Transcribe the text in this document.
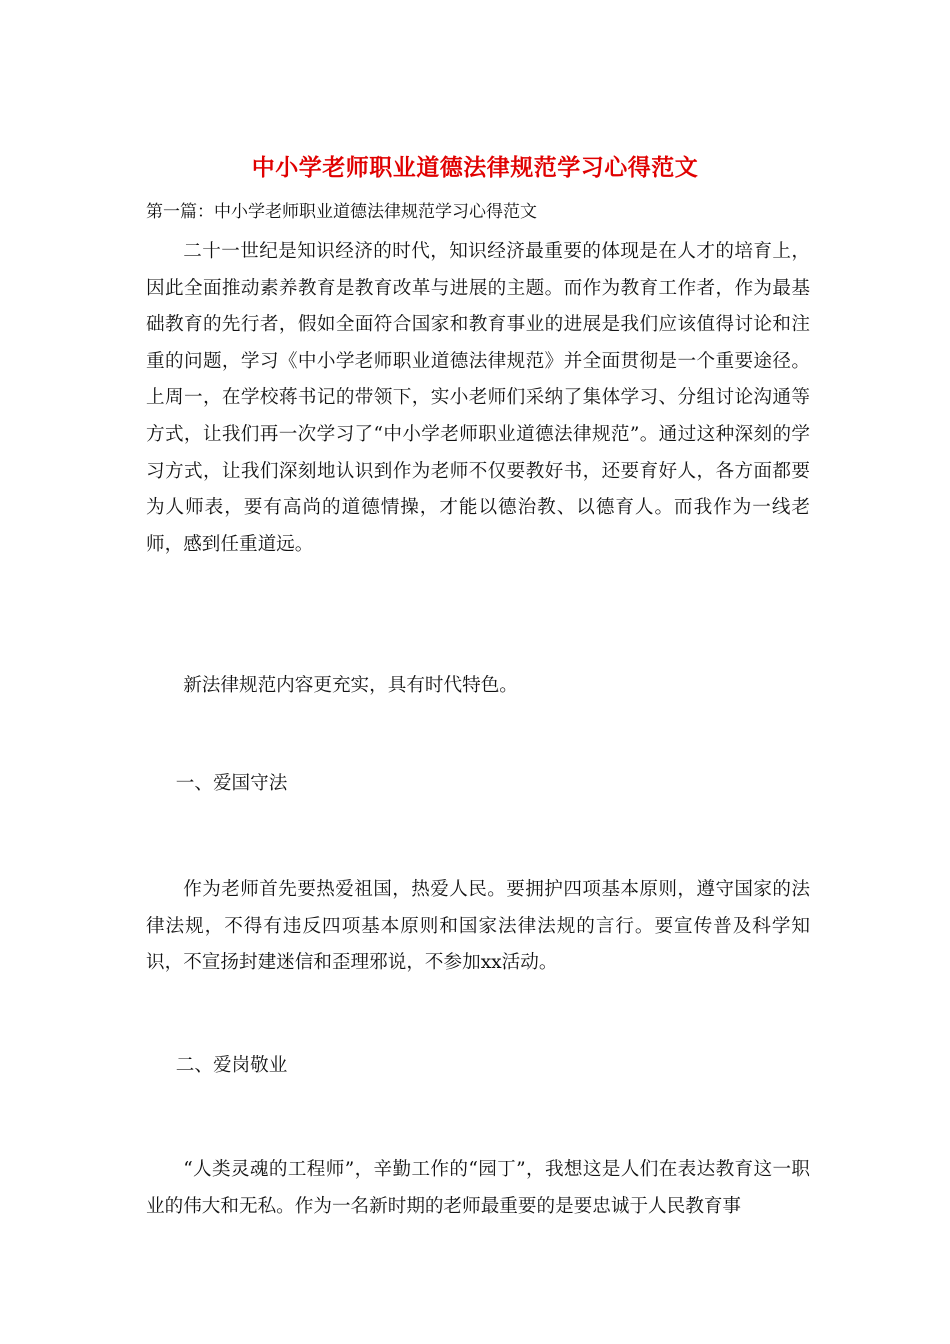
中小学老师职业道德法律规范学习心得范文
第一篇：中小学老师职业道德法律规范学习心得范文

二十一世纪是知识经济的时代，知识经济最重要的体现是在人才的培育上，因此全面推动素养教育是教育改革与进展的主题。而作为教育工作者，作为最基础教育的先行者，假如全面符合国家和教育事业的进展是我们应该值得讨论和注重的问题，学习《中小学老师职业道德法律规范》并全面贯彻是一个重要途径。上周一，在学校蒋书记的带领下，实小老师们采纳了集体学习、分组讨论沟通等方式，让我们再一次学习了“中小学老师职业道德法律规范”。通过这种深刻的学习方式，让我们深刻地认识到作为老师不仅要教好书，还要育好人，各方面都要为人师表，要有高尚的道德情操，才能以德治教、以德育人。而我作为一线老师，感到任重道远。

新法律规范内容更充实，具有时代特色。

一、爱国守法

作为老师首先要热爱祖国，热爱人民。要拥护四项基本原则，遵守国家的法律法规，不得有违反四项基本原则和国家法律法规的言行。要宣传普及科学知识，不宣扬封建迷信和歪理邪说，不参加xx活动。

二、爱岗敬业

“人类灵魂的工程师”，辛勤工作的“园丁”，我想这是人们在表达教育这一职业的伟大和无私。作为一名新时期的老师最重要的是要忠诚于人民教育事
